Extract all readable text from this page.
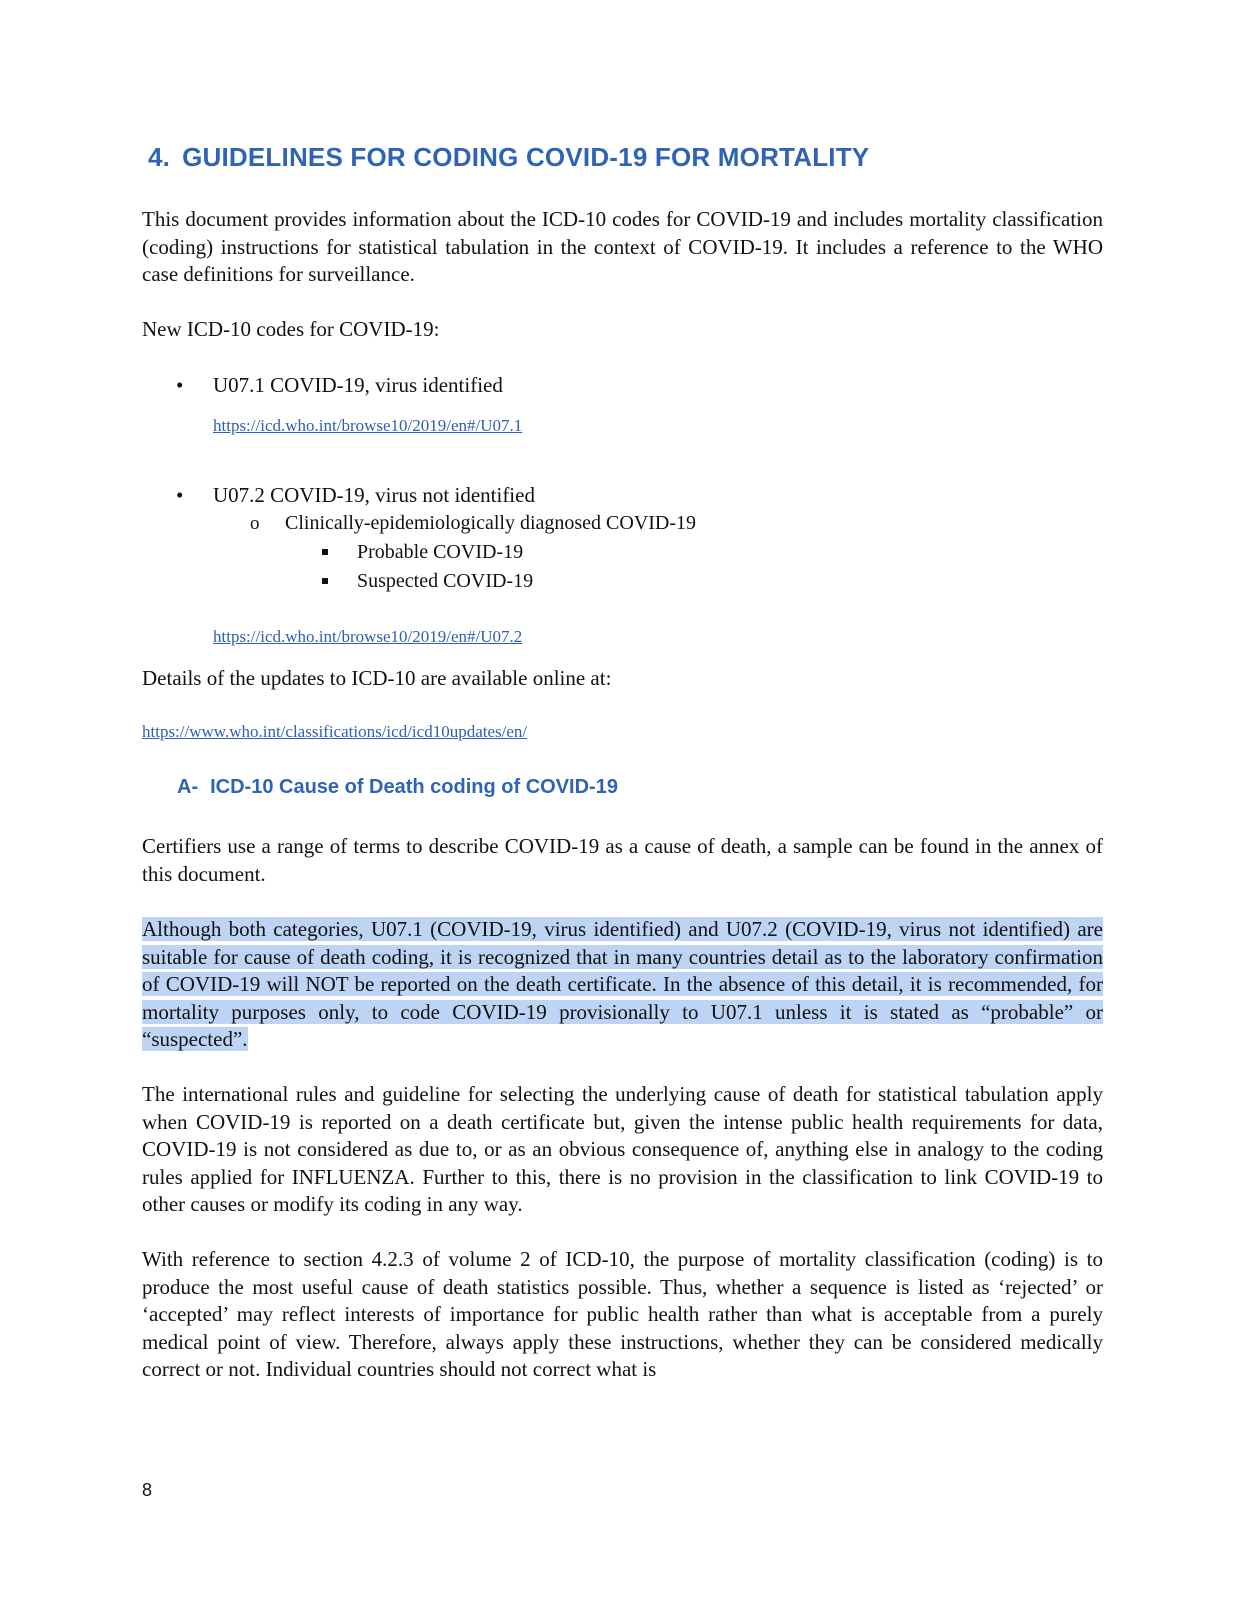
4. GUIDELINES FOR CODING COVID-19 FOR MORTALITY

This document provides information about the ICD-10 codes for COVID-19 and includes mortality classification (coding) instructions for statistical tabulation in the context of COVID-19. It includes a reference to the WHO case definitions for surveillance.

New ICD-10 codes for COVID-19:

• U07.1 COVID-19, virus identified

https://icd.who.int/browse10/2019/en#/U07.1
• U07.2 COVID-19, virus not identified

o Clinically-epidemiologically diagnosed COVID-19

Probable COVID-19

Suspected COVID-19

https://icd.who.int/browse10/2019/en#/U07.2

Details of the updates to ICD-10 are available online at:

https://www.who.int/classifications/icd/icd10updates/en/
A- ICD-10 Cause of Death coding of COVID-19

Certifiers use a range of terms to describe COVID-19 as a cause of death, a sample can be found in the annex of this document.

Although both categories, U07.1 (COVID-19, virus identified) and U07.2 (COVID-19, virus not identified) are suitable for cause of death coding, it is recognized that in many countries detail as to the laboratory confirmation of COVID-19 will NOT be reported on the death certificate. In the absence of this detail, it is recommended, for mortality purposes only, to code COVID-19 provisionally to U07.1 unless it is stated as “probable” or “suspected”.

The international rules and guideline for selecting the underlying cause of death for statistical tabulation apply when COVID-19 is reported on a death certificate but, given the intense public health requirements for data, COVID-19 is not considered as due to, or as an obvious consequence of, anything else in analogy to the coding rules applied for INFLUENZA. Further to this, there is no provision in the classification to link COVID-19 to other causes or modify its coding in any way.

With reference to section 4.2.3 of volume 2 of ICD-10, the purpose of mortality classification (coding) is to produce the most useful cause of death statistics possible. Thus, whether a sequence is listed as ‘rejected’ or ‘accepted’ may reflect interests of importance for public health rather than what is acceptable from a purely medical point of view. Therefore, always apply these instructions, whether they can be considered medically correct or not. Individual countries should not correct what is

8
